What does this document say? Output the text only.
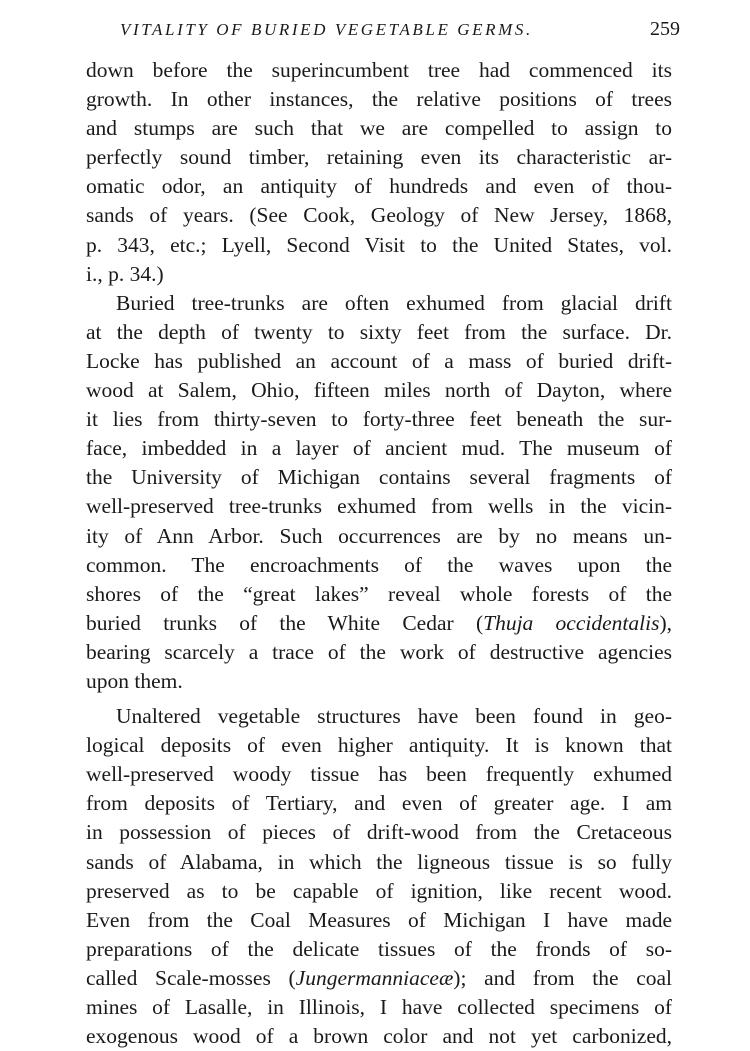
VITALITY OF BURIED VEGETABLE GERMS.	259
down before the superincumbent tree had commenced its
growth. In other instances, the relative positions of trees
and stumps are such that we are compelled to assign to
perfectly sound timber, retaining even its characteristic ar-
omatic odor, an antiquity of hundreds and even of thou-
sands of years. (See Cook, Geology of New Jersey, 1868,
p. 343, etc.; Lyell, Second Visit to the United States, vol.
i., p. 34.)
Buried tree-trunks are often exhumed from glacial drift
at the depth of twenty to sixty feet from the surface. Dr.
Locke has published an account of a mass of buried drift-
wood at Salem, Ohio, fifteen miles north of Dayton, where
it lies from thirty-seven to forty-three feet beneath the sur-
face, imbedded in a layer of ancient mud. The museum of
the University of Michigan contains several fragments of
well-preserved tree-trunks exhumed from wells in the vicin-
ity of Ann Arbor. Such occurrences are by no means un-
common. The encroachments of the waves upon the
shores of the “great lakes” reveal whole forests of the
buried trunks of the White Cedar (Thuja occidentalis),
bearing scarcely a trace of the work of destructive agencies
upon them.
Unaltered vegetable structures have been found in geo-
logical deposits of even higher antiquity. It is known that
well-preserved woody tissue has been frequently exhumed
from deposits of Tertiary, and even of greater age. I am
in possession of pieces of drift-wood from the Cretaceous
sands of Alabama, in which the ligneous tissue is so fully
preserved as to be capable of ignition, like recent wood.
Even from the Coal Measures of Michigan I have made
preparations of the delicate tissues of the fronds of so-
called Scale-mosses (Jungermanniaceæ); and from the coal
mines of Lasalle, in Illinois, I have collected specimens of
exogenous wood of a brown color and not yet carbonized,
